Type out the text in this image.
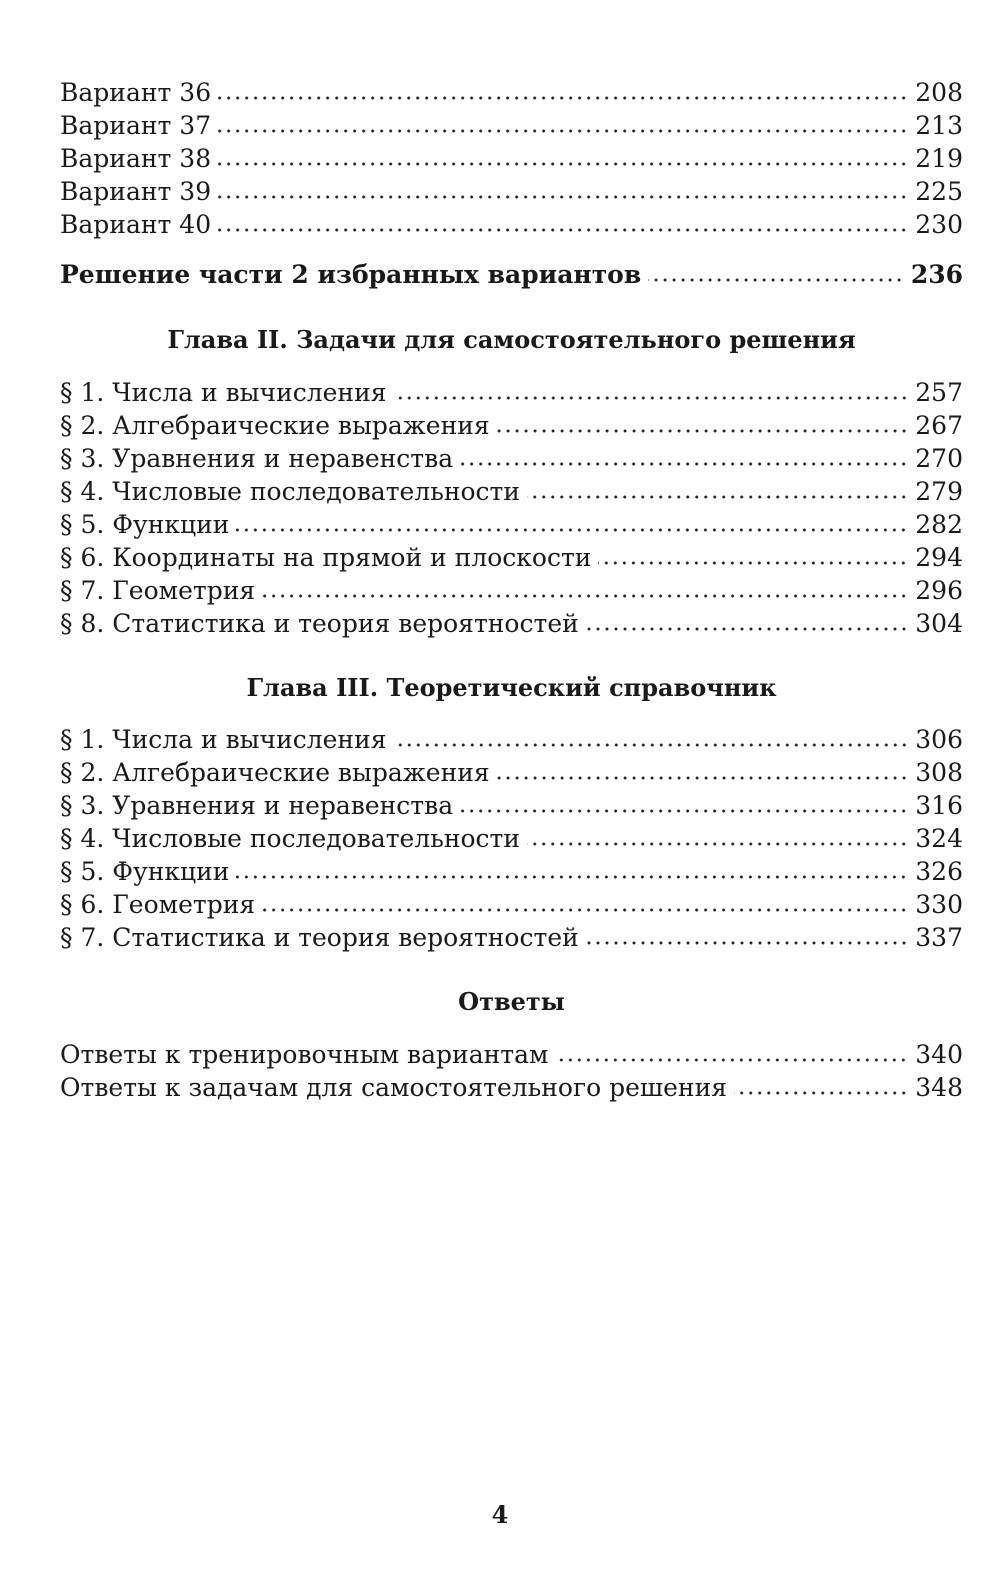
Вариант 36	208
Вариант 37	213
Вариант 38	219
Вариант 39	225
Вариант 40	230
Решение части 2 избранных вариантов	236
Глава II. Задачи для самостоятельного решения
§ 1. Числа и вычисления	257
§ 2. Алгебраические выражения	267
§ 3. Уравнения и неравенства	270
§ 4. Числовые последовательности	279
§ 5. Функции	282
§ 6. Координаты на прямой и плоскости	294
§ 7. Геометрия	296
§ 8. Статистика и теория вероятностей	304
Глава III. Теоретический справочник
§ 1. Числа и вычисления	306
§ 2. Алгебраические выражения	308
§ 3. Уравнения и неравенства	316
§ 4. Числовые последовательности	324
§ 5. Функции	326
§ 6. Геометрия	330
§ 7. Статистика и теория вероятностей	337
Ответы
Ответы к тренировочным вариантам	340
Ответы к задачам для самостоятельного решения	348
4
